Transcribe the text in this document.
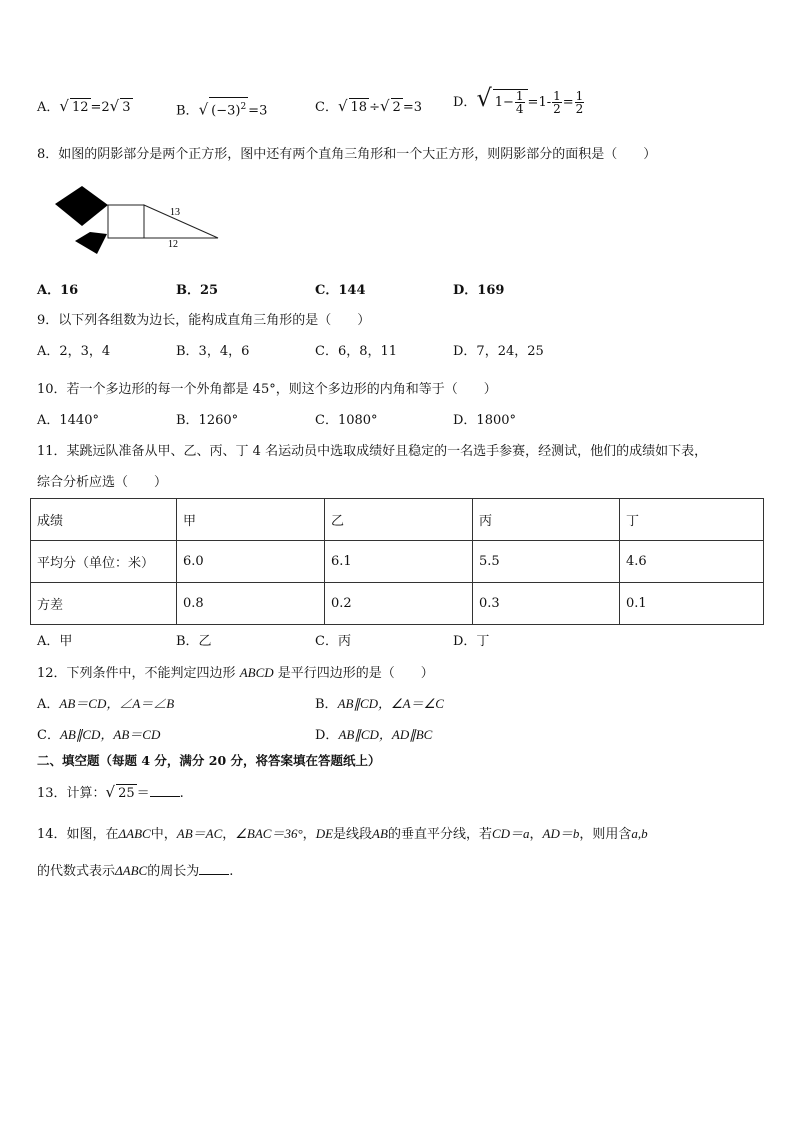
A．√ 12 =2√ 3	B．√ $(-3)^2 =3$	C．√ 18 ÷√ 2 =3 D．√ $1- \frac{1}{4} =1- \frac{1}{2} = \frac{1}{2}$
8．如图的阴影部分是两个正方形，图中还有两个直角三角形和一个大正方形，则阴影部分的面积是（　　）
13
12
A．16	B．25	C．144	D．169
9．以下列各组数为边长，能构成直角三角形的是（　　）
A．2，3，4	B．3，4，6	C．6，8，11	D．7，24，25
10．若一个多边形的每一个外角都是 45°，则这个多边形的内角和等于（　　）
A．1440°	B．1260°	C．1080°	D．1800°
11．某跳远队准备从甲、乙、丙、丁 4 名运动员中选取成绩好且稳定的一名选手参赛，经测试，他们的成绩如下表，
综合分析应选（　　）
成绩	甲	乙	丙	丁
平均分（单位：米）	6.0	6.1	5.5	4.6
方差	0.8	0.2	0.3	0.1
A．甲	B．乙	C．丙	D．丁
12．下列条件中，不能判定四边形 ABCD 是平行四边形的是（　　）
A．AB＝CD，∠A＝∠B	B．AB∥CD，∠A＝∠C
C．AB∥CD，AB＝CD	D．AB∥CD，AD∥BC
二、填空题（每题 4 分，满分 20 分，将答案填在答题纸上）
13．计算：√ 25 ＝ .
14．如图，在ΔABC中，AB＝AC，∠BAC＝36°，DE是线段AB的垂直平分线，若CD＝a，AD＝b，则用含a,b
的代数式表示ΔABC的周长为 .
